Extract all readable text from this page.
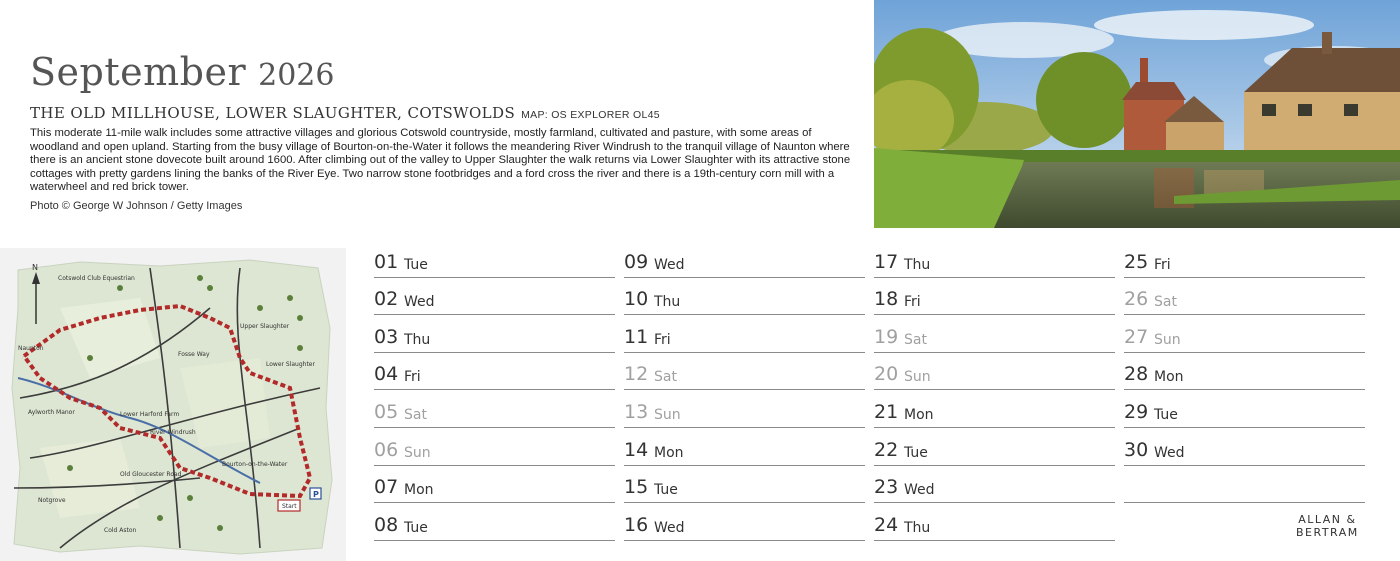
September 2026
THE OLD MILLHOUSE, LOWER SLAUGHTER, COTSWOLDS MAP: OS EXPLORER OL45

This moderate 11-mile walk includes some attractive villages and glorious Cotswold countryside, mostly farmland, cultivated and pasture, with some areas of woodland and open upland. Starting from the busy village of Bourton-on-the-Water it follows the meandering River Windrush to the tranquil village of Naunton where there is an ancient stone dovecote built around 1600. After climbing out of the valley to Upper Slaughter the walk returns via Lower Slaughter with its attractive stone cottages with pretty gardens lining the banks of the River Eye. Two narrow stone footbridges and a ford cross the river and there is a 19th-century corn mill with a waterwheel and red brick tower.

Photo © George W Johnson / Getty Images

N
Naunton
Upper Slaughter
Lower Slaughter
Bourton-on-the-Water
Aylworth Manor
Notgrove
Cold Aston
Cotswold Club Equestrian
Lower Harford Farm
Old Gloucester Road
Fosse Way
River Windrush
Start
P
01 Tue
02 Wed
03 Thu
04 Fri
05 Sat
06 Sun
07 Mon
08 Tue
09 Wed
10 Thu
11 Fri
12 Sat
13 Sun
14 Mon
15 Tue
16 Wed
17 Thu
18 Fri
19 Sat
20 Sun
21 Mon
22 Tue
23 Wed
24 Thu
25 Fri
26 Sat
27 Sun
28 Mon
29 Tue
30 Wed
ALLAN &
BERTRAM
